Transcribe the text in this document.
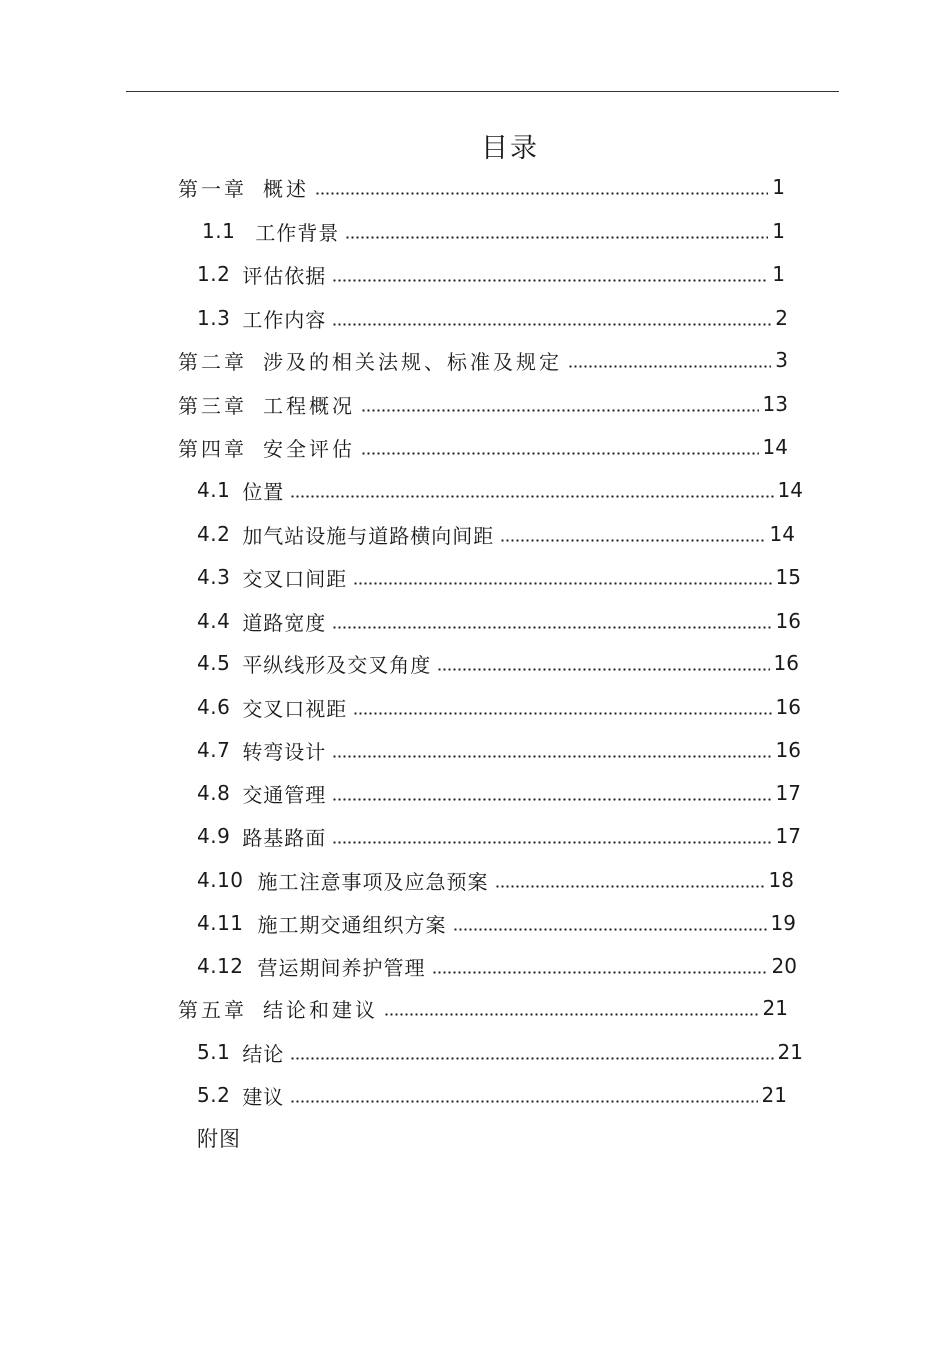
目录
第一章 概述	1
1.1 工作背景	1
1.2 评估依据	1
1.3 工作内容	2
第二章 涉及的相关法规、标准及规定	3
第三章 工程概况	13
第四章 安全评估	14
4.1 位置	14
4.2 加气站设施与道路横向间距	14
4.3 交叉口间距	15
4.4 道路宽度	16
4.5 平纵线形及交叉角度	16
4.6 交叉口视距	16
4.7 转弯设计	16
4.8 交通管理	17
4.9 路基路面	17
4.10 施工注意事项及应急预案	18
4.11 施工期交通组织方案	19
4.12 营运期间养护管理	20
第五章 结论和建议	21
5.1 结论	21
5.2 建议	21
附图
